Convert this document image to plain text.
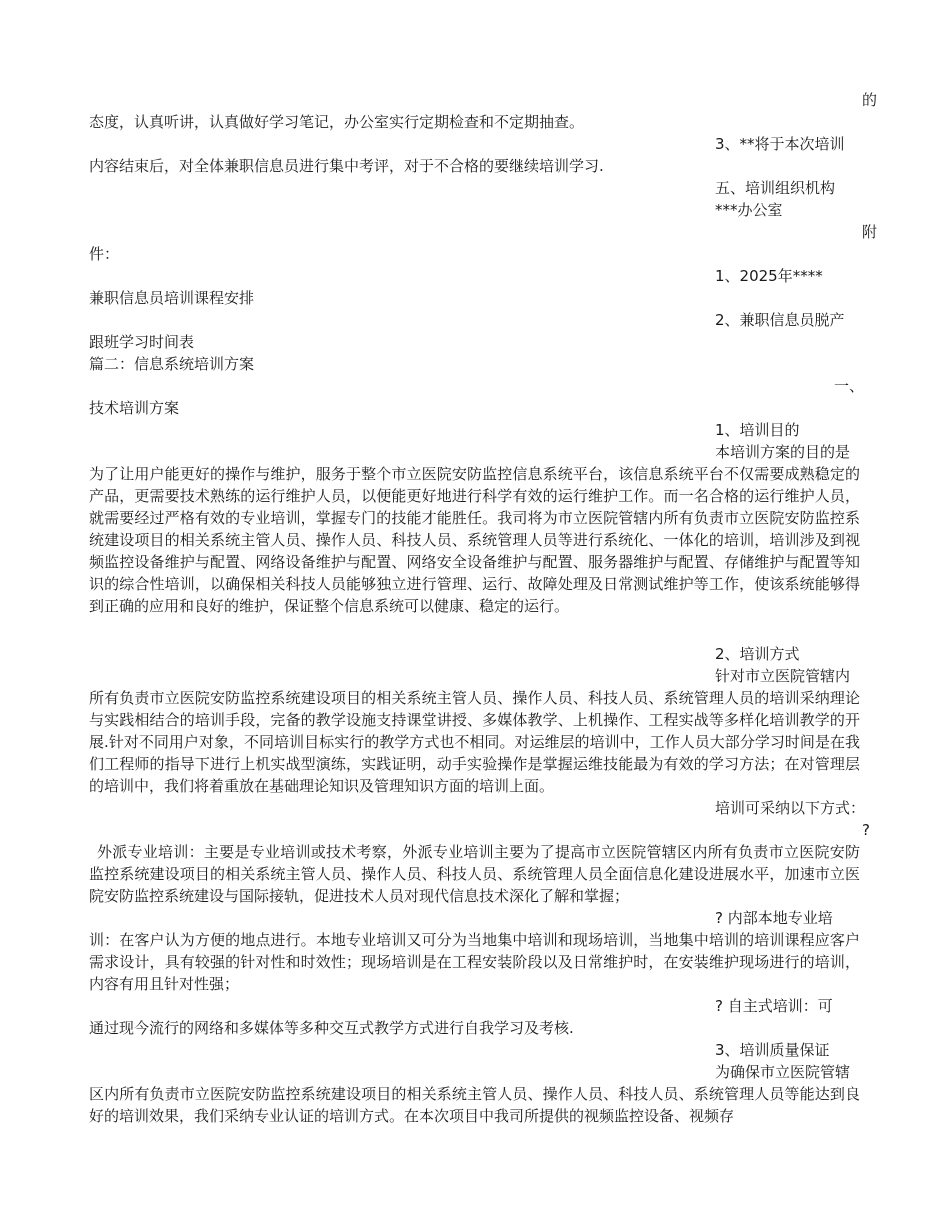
的

态度，认真听讲，认真做好学习笔记，办公室实行定期检查和不定期抽查。

3、**将于本次培训

内容结束后，对全体兼职信息员进行集中考评，对于不合格的要继续培训学习.

五、培训组织机构

***办公室

附

件：

1、2025年****

兼职信息员培训课程安排

2、兼职信息员脱产

跟班学习时间表

篇二：信息系统培训方案

一、

技术培训方案

1、培训目的

本培训方案的目的是

为了让用户能更好的操作与维护，服务于整个市立医院安防监控信息系统平台，该信息系统平台不仅需要成熟稳定的产品，更需要技术熟练的运行维护人员，以便能更好地进行科学有效的运行维护工作。而一名合格的运行维护人员，就需要经过严格有效的专业培训，掌握专门的技能才能胜任。我司将为市立医院管辖内所有负责市立医院安防监控系统建设项目的相关系统主管人员、操作人员、科技人员、系统管理人员等进行系统化、一体化的培训，培训涉及到视频监控设备维护与配置、网络设备维护与配置、网络安全设备维护与配置、服务器维护与配置、存储维护与配置等知识的综合性培训，以确保相关科技人员能够独立进行管理、运行、故障处理及日常测试维护等工作，使该系统能够得到正确的应用和良好的维护，保证整个信息系统可以健康、稳定的运行。

2、培训方式

针对市立医院管辖内

所有负责市立医院安防监控系统建设项目的相关系统主管人员、操作人员、科技人员、系统管理人员的培训采纳理论与实践相结合的培训手段，完备的教学设施支持课堂讲授、多媒体教学、上机操作、工程实战等多样化培训教学的开展.针对不同用户对象，不同培训目标实行的教学方式也不相同。对运维层的培训中，工作人员大部分学习时间是在我们工程师的指导下进行上机实战型演练，实践证明，动手实验操作是掌握运维技能最为有效的学习方法；在对管理层的培训中，我们将着重放在基础理论知识及管理知识方面的培训上面。

培训可采纳以下方式：

?

外派专业培训：主要是专业培训或技术考察，外派专业培训主要为了提高市立医院管辖区内所有负责市立医院安防监控系统建设项目的相关系统主管人员、操作人员、科技人员、系统管理人员全面信息化建设进展水平，加速市立医院安防监控系统建设与国际接轨，促进技术人员对现代信息技术深化了解和掌握；

? 内部本地专业培

训：在客户认为方便的地点进行。本地专业培训又可分为当地集中培训和现场培训，当地集中培训的培训课程应客户需求设计，具有较强的针对性和时效性；现场培训是在工程安装阶段以及日常维护时，在安装维护现场进行的培训，内容有用且针对性强；

? 自主式培训：可

通过现今流行的网络和多媒体等多种交互式教学方式进行自我学习及考核.

3、培训质量保证

为确保市立医院管辖

区内所有负责市立医院安防监控系统建设项目的相关系统主管人员、操作人员、科技人员、系统管理人员等能达到良好的培训效果，我们采纳专业认证的培训方式。在本次项目中我司所提供的视频监控设备、视频存
